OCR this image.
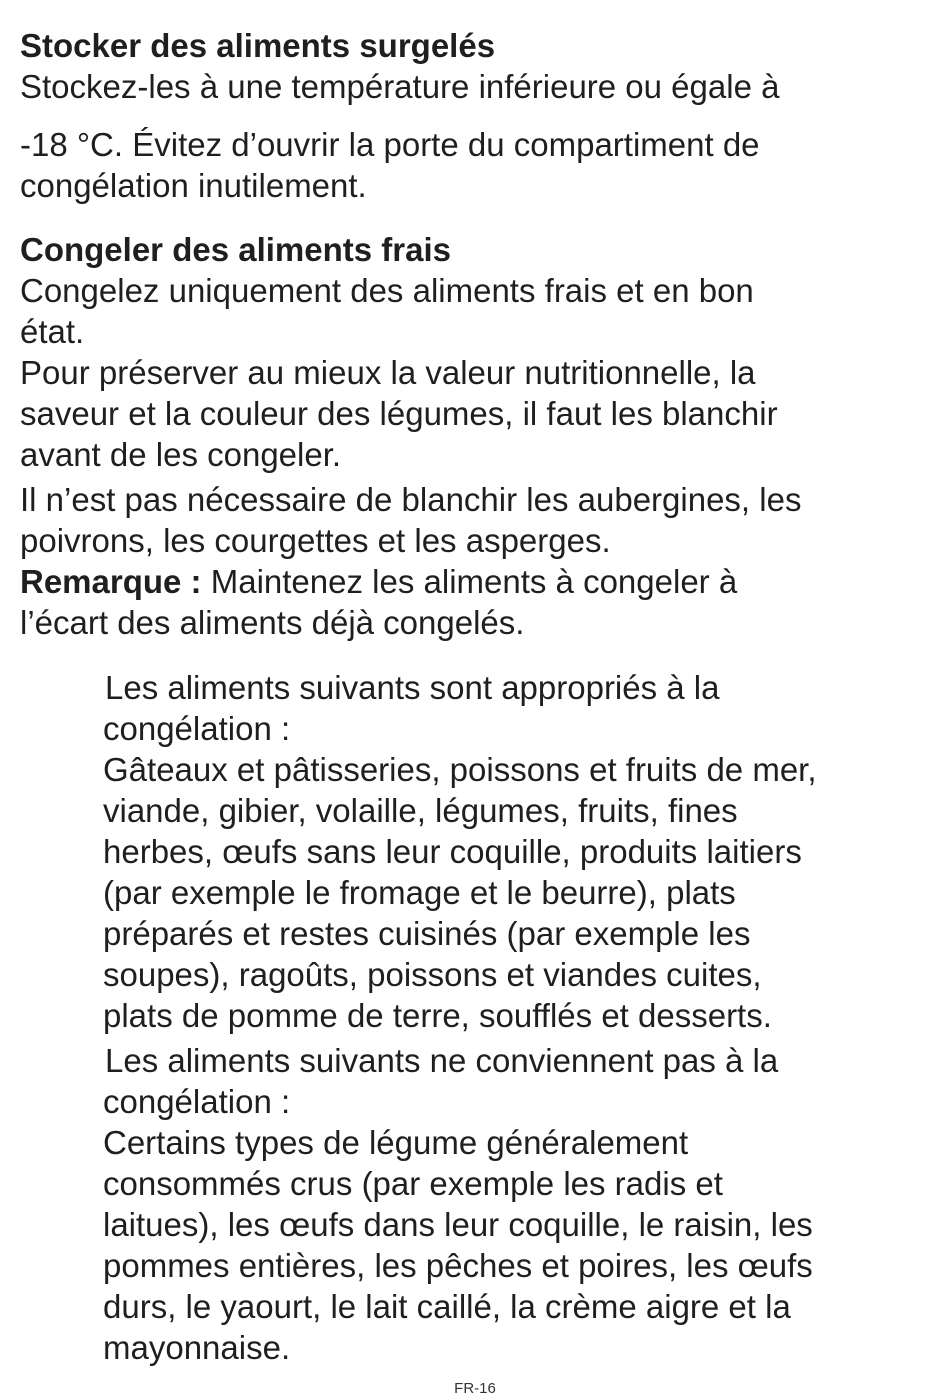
Stocker des aliments surgelés
Stockez-les à une température inférieure ou égale à
-18 °C. Évitez d’ouvrir la porte du compartiment de
congélation inutilement.
Congeler des aliments frais
Congelez uniquement des aliments frais et en bon
état.
Pour préserver au mieux la valeur nutritionnelle, la
saveur et la couleur des légumes, il faut les blanchir
avant de les congeler.
Il n’est pas nécessaire de blanchir les aubergines, les
poivrons, les courgettes et les asperges.
Remarque : Maintenez les aliments à congeler à
l’écart des aliments déjà congelés.
Les aliments suivants sont appropriés à la
congélation :
Gâteaux et pâtisseries, poissons et fruits de mer,
viande, gibier, volaille, légumes, fruits, fines
herbes, œufs sans leur coquille, produits laitiers
(par exemple le fromage et le beurre), plats
préparés et restes cuisinés (par exemple les
soupes), ragoûts, poissons et viandes cuites,
plats de pomme de terre, soufflés et desserts.
Les aliments suivants ne conviennent pas à la
congélation :
Certains types de légume généralement
consommés crus (par exemple les radis et
laitues), les œufs dans leur coquille, le raisin, les
pommes entières, les pêches et poires, les œufs
durs, le yaourt, le lait caillé, la crème aigre et la
mayonnaise.
FR-16
